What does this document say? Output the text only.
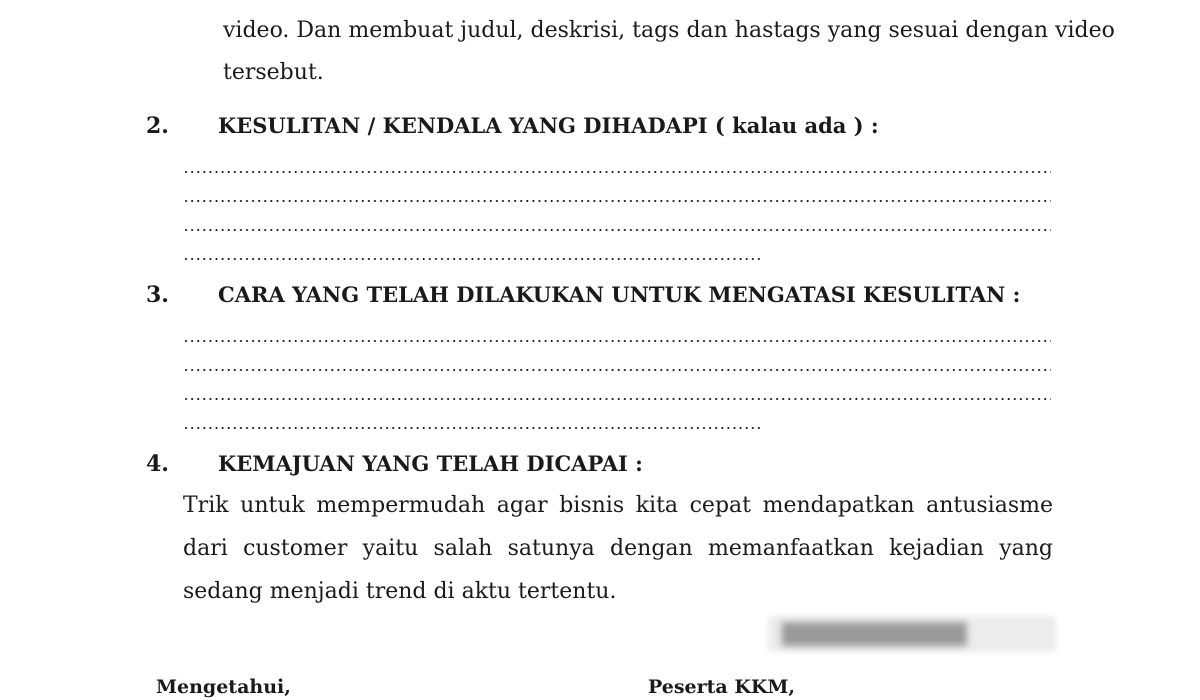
video. Dan membuat judul, deskrisi, tags dan hastags yang sesuai dengan video
tersebut.
2. KESULITAN / KENDALA YANG DIHADAPI ( kalau ada ) :
3. CARA YANG TELAH DILAKUKAN UNTUK MENGATASI KESULITAN :
4. KEMAJUAN YANG TELAH DICAPAI :
Trik untuk mempermudah agar bisnis kita cepat mendapatkan antusiasme dari customer yaitu salah satunya dengan memanfaatkan kejadian yang sedang menjadi trend di aktu tertentu.
████████████
Mengetahui,	Peserta KKM,
